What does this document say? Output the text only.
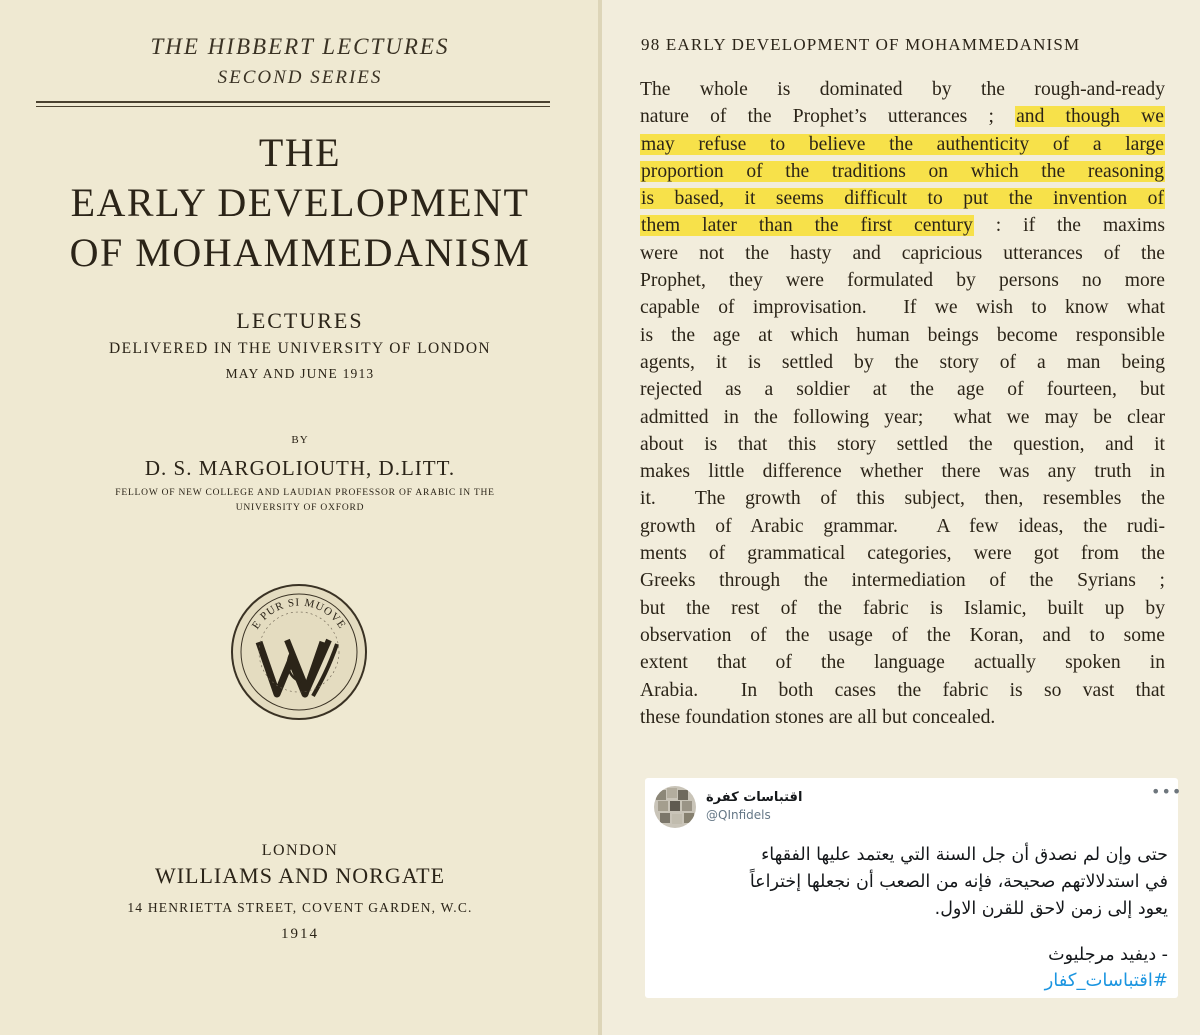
THE HIBBERT LECTURES
SECOND SERIES
THE
EARLY DEVELOPMENT
OF MOHAMMEDANISM
LECTURES
DELIVERED IN THE UNIVERSITY OF LONDON
MAY AND JUNE 1913
BY
D. S. MARGOLIOUTH, D.LITT.
FELLOW OF NEW COLLEGE AND LAUDIAN PROFESSOR OF ARABIC IN THE
UNIVERSITY OF OXFORD
E PUR SI MUOVE
LONDON
WILLIAMS AND NORGATE
14 HENRIETTA STREET, COVENT GARDEN, W.C.
1914
98 EARLY DEVELOPMENT OF MOHAMMEDANISM
The whole is dominated by the rough-and-ready
nature of the Prophet’s utterances ; and though we
may refuse to believe the authenticity of a large
proportion of the traditions on which the reasoning
is based, it seems difficult to put the invention of
them later than the first century : if the maxims
were not the hasty and capricious utterances of the
Prophet, they were formulated by persons no more
capable of improvisation.  If we wish to know what
is the age at which human beings become responsible
agents, it is settled by the story of a man being
rejected as a soldier at the age of fourteen, but
admitted in the following year;  what we may be clear
about is that this story settled the question, and it
makes little difference whether there was any truth in
it.  The growth of this subject, then, resembles the
growth of Arabic grammar.  A few ideas, the rudi-
ments of grammatical categories, were got from the
Greeks through the intermediation of the Syrians ;
but the rest of the fabric is Islamic, built up by
observation of the usage of the Koran, and to some
extent that of the language actually spoken in
Arabia.  In both cases the fabric is so vast that
these foundation stones are all but concealed.
•••
اقتباسات كفرة
@QInfidels
حتى وإن لم نصدق أن جل السنة التي يعتمد عليها الفقهاء
في استدلالاتهم صحيحة، فإنه من الصعب أن نجعلها إختراعاً
يعود إلى زمن لاحق للقرن الاول.
- ديفيد مرجليوث
#اقتباسات_كفار
